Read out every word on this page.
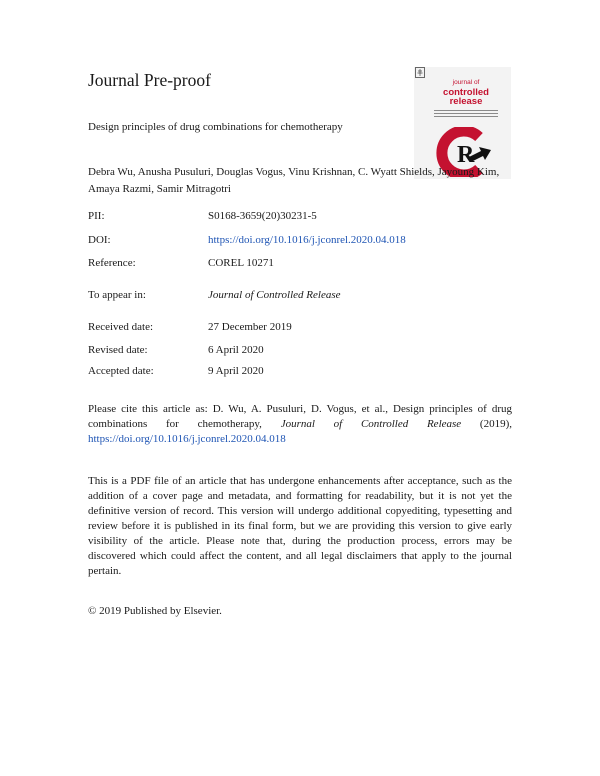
Journal Pre-proof	journal of
controlled
release
R
Design principles of drug combinations for chemotherapy
Debra Wu, Anusha Pusuluri, Douglas Vogus, Vinu Krishnan, C. Wyatt Shields, Jayoung Kim, Amaya Razmi, Samir Mitragotri
PII:	S0168-3659(20)30231-5
DOI:	https://doi.org/10.1016/j.jconrel.2020.04.018
Reference:	COREL 10271
To appear in:	Journal of Controlled Release
Received date:	27 December 2019
Revised date:	6 April 2020
Accepted date:	9 April 2020
Please cite this article as: D. Wu, A. Pusuluri, D. Vogus, et al., Design principles of drug combinations for chemotherapy, Journal of Controlled Release (2019), https://doi.org/10.1016/j.jconrel.2020.04.018
This is a PDF file of an article that has undergone enhancements after acceptance, such as the addition of a cover page and metadata, and formatting for readability, but it is not yet the definitive version of record. This version will undergo additional copyediting, typesetting and review before it is published in its final form, but we are providing this version to give early visibility of the article. Please note that, during the production process, errors may be discovered which could affect the content, and all legal disclaimers that apply to the journal pertain.
© 2019 Published by Elsevier.
